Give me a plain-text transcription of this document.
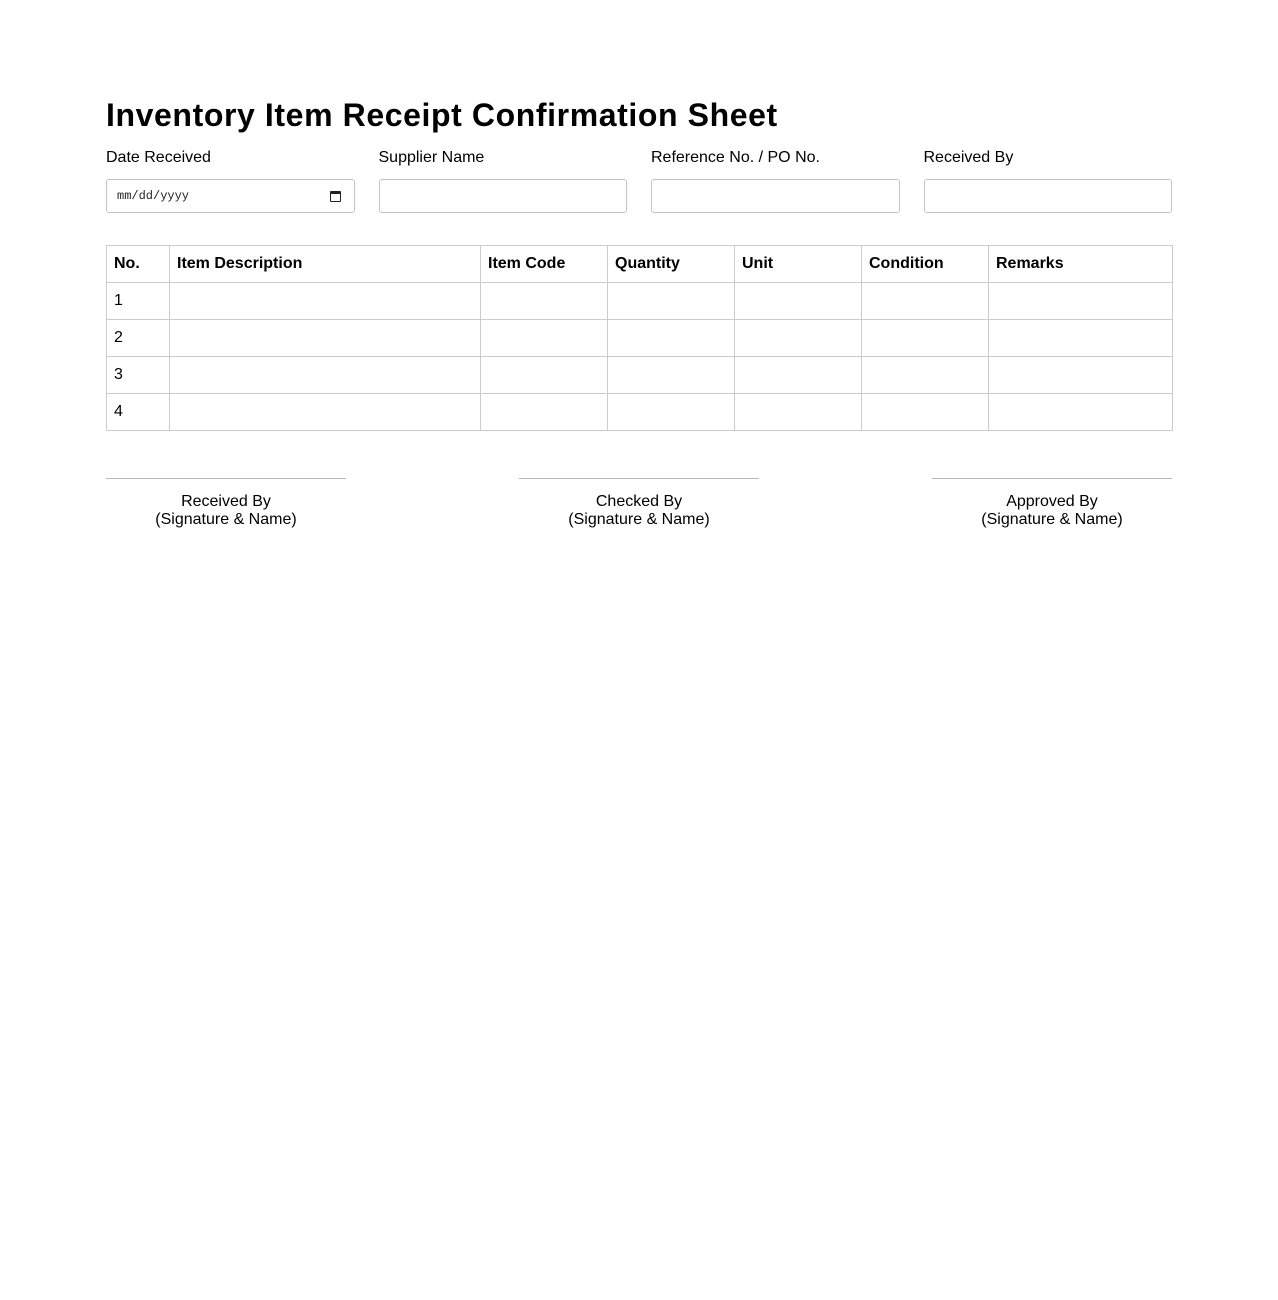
Inventory Item Receipt Confirmation Sheet
Date Received
mm/dd/yyyy
Supplier Name	Reference No. / PO No.	Received By
No.	Item Description	Item Code	Quantity	Unit	Condition	Remarks
1						
2						
3						
4						
Received By
(Signature & Name)
Checked By
(Signature & Name)
Approved By
(Signature & Name)
